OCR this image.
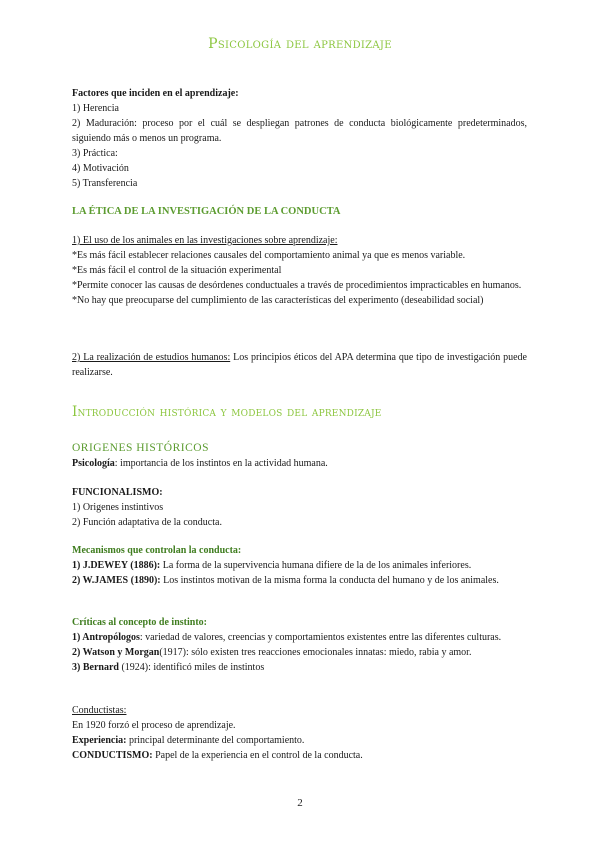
Psicología del aprendizaje

Factores que inciden en el aprendizaje:

1) Herencia

2) Maduración: proceso por el cuál se despliegan patrones de conducta biológicamente predeterminados, siguiendo más o menos un programa.

3) Práctica:

4) Motivación

5) Transferencia

LA ÉTICA DE LA INVESTIGACIÓN DE LA CONDUCTA

1) El uso de los animales en las investigaciones sobre aprendizaje:

*Es más fácil establecer relaciones causales del comportamiento animal ya que es menos variable.

*Es más fácil el control de la situación experimental

*Permite conocer las causas de desórdenes conductuales a través de procedimientos impracticables en humanos.

*No hay que preocuparse del cumplimiento de las características del experimento (deseabilidad social)

2) La realización de estudios humanos: Los principios éticos del APA determina que tipo de investigación puede realizarse.

Introducción histórica y modelos del aprendizaje

ORIGENES HISTÓRICOS

Psicología: importancia de los instintos en la actividad humana.

FUNCIONALISMO:

1) Origenes instintivos

2) Función adaptativa de la conducta.

Mecanismos que controlan la conducta:

1) J.DEWEY (1886): La forma de la supervivencia humana difiere de la de los animales inferiores.

2) W.JAMES (1890): Los instintos motivan de la misma forma la conducta del humano y de los animales.

Críticas al concepto de instinto:

1) Antropólogos: variedad de valores, creencias y comportamientos existentes entre las diferentes culturas.

2) Watson y Morgan(1917): sólo existen tres reacciones emocionales innatas: miedo, rabia y amor.

3) Bernard (1924): identificó miles de instintos

Conductistas:

En 1920 forzó el proceso de aprendizaje.

Experiencia: principal determinante del comportamiento.

CONDUCTISMO: Papel de la experiencia en el control de la conducta.

2
